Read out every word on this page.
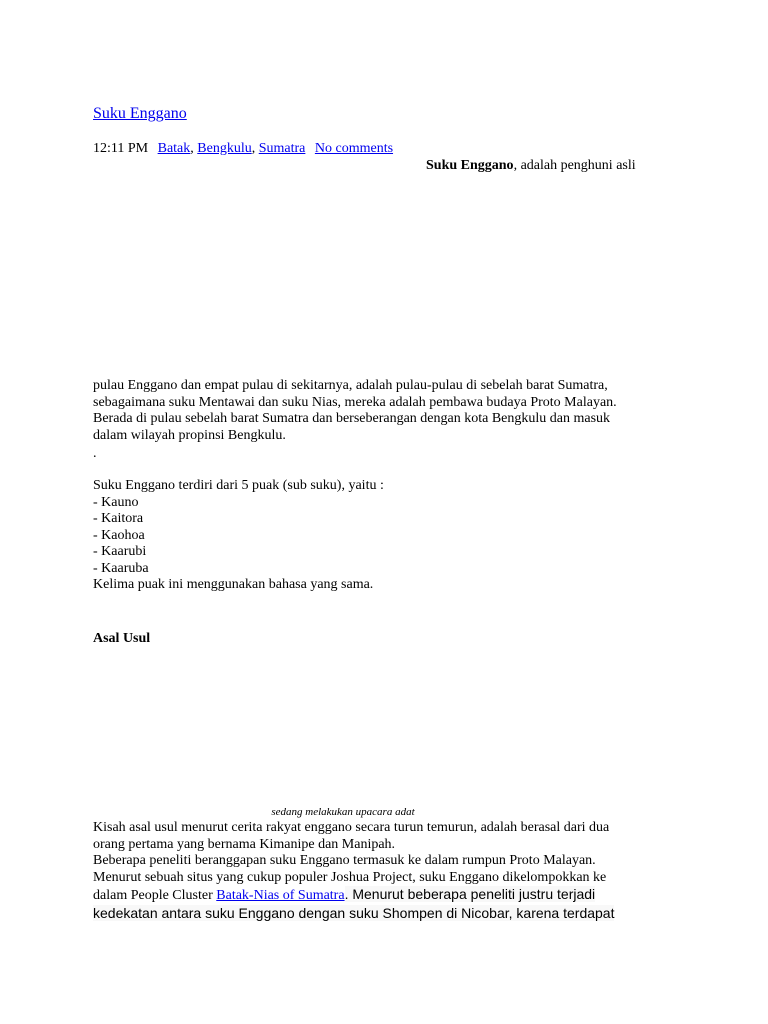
Suku Enggano
12:11 PM Batak, Bengkulu, Sumatra No comments
Suku Enggano, adalah penghuni asli
pulau Enggano dan empat pulau di sekitarnya, adalah pulau-pulau di sebelah barat Sumatra,
sebagaimana suku Mentawai dan suku Nias, mereka adalah pembawa budaya Proto Malayan.
Berada di pulau sebelah barat Sumatra dan berseberangan dengan kota Bengkulu dan masuk
dalam wilayah propinsi Bengkulu.
.
Suku Enggano terdiri dari 5 puak (sub suku), yaitu :
- Kauno
- Kaitora
- Kaohoa
- Kaarubi
- Kaaruba
Kelima puak ini menggunakan bahasa yang sama.
Asal Usul
sedang melakukan upacara adat
Kisah asal usul menurut cerita rakyat enggano secara turun temurun, adalah berasal dari dua
orang pertama yang bernama Kimanipe dan Manipah.
Beberapa peneliti beranggapan suku Enggano termasuk ke dalam rumpun Proto Malayan.
Menurut sebuah situs yang cukup populer Joshua Project, suku Enggano dikelompokkan ke
dalam People Cluster Batak-Nias of Sumatra. Menurut beberapa peneliti justru terjadi
kedekatan antara suku Enggano dengan suku Shompen di Nicobar, karena terdapat
